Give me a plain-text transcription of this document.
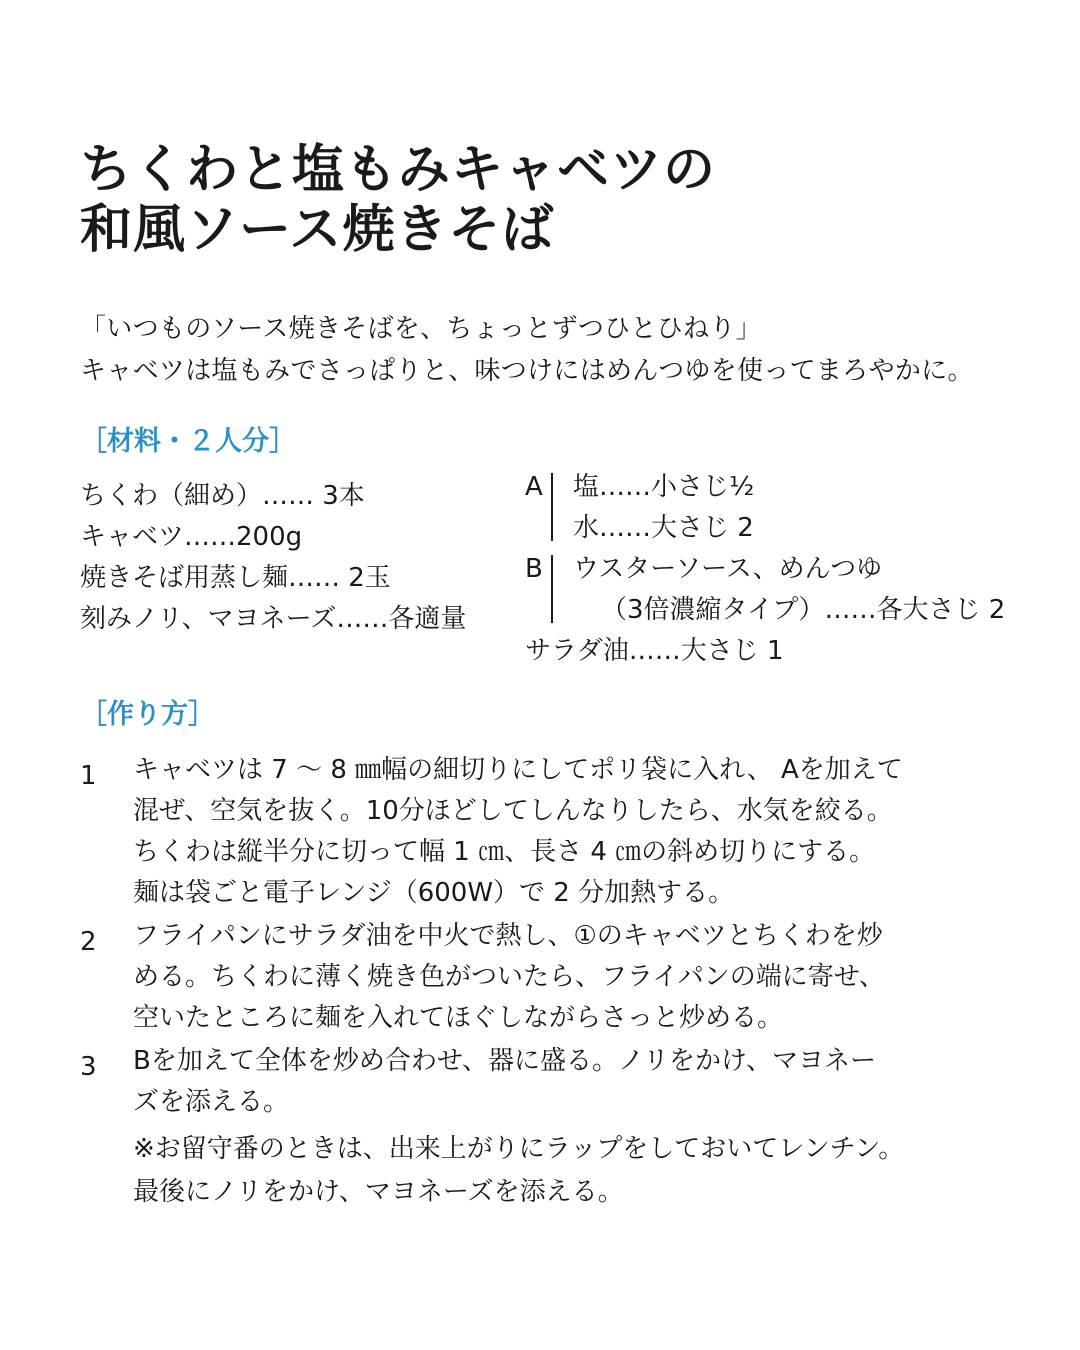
ちくわと塩もみキャベツの
和風ソース焼きそば

「いつものソース焼きそばを、ちょっとずつひとひねり」
キャベツは塩もみでさっぱりと、味つけにはめんつゆを使ってまろやかに。

［材料・２人分］
ちくわ（細め）…… 3本
キャベツ……200g
焼きそば用蒸し麺…… 2玉
刻みノリ、マヨネーズ……各適量
A	塩……小さじ½
水……大さじ 2
B	ウスターソース、めんつゆ
（3倍濃縮タイプ）……各大さじ 2
サラダ油……大さじ 1
［作り方］
1	キャベツは 7 ～ 8 ㎜幅の細切りにしてポリ袋に入れ、 Aを加えて
混ぜ、空気を抜く。10分ほどしてしんなりしたら、水気を絞る。
ちくわは縦半分に切って幅 1 ㎝、長さ 4 ㎝の斜め切りにする。
麺は袋ごと電子レンジ（600W）で 2 分加熱する。
2	フライパンにサラダ油を中火で熱し、①のキャベツとちくわを炒
める。ちくわに薄く焼き色がついたら、フライパンの端に寄せ、
空いたところに麺を入れてほぐしながらさっと炒める。
3	Bを加えて全体を炒め合わせ、器に盛る。ノリをかけ、マヨネー
ズを添える。
※お留守番のときは、出来上がりにラップをしておいてレンチン。
最後にノリをかけ、マヨネーズを添える。
